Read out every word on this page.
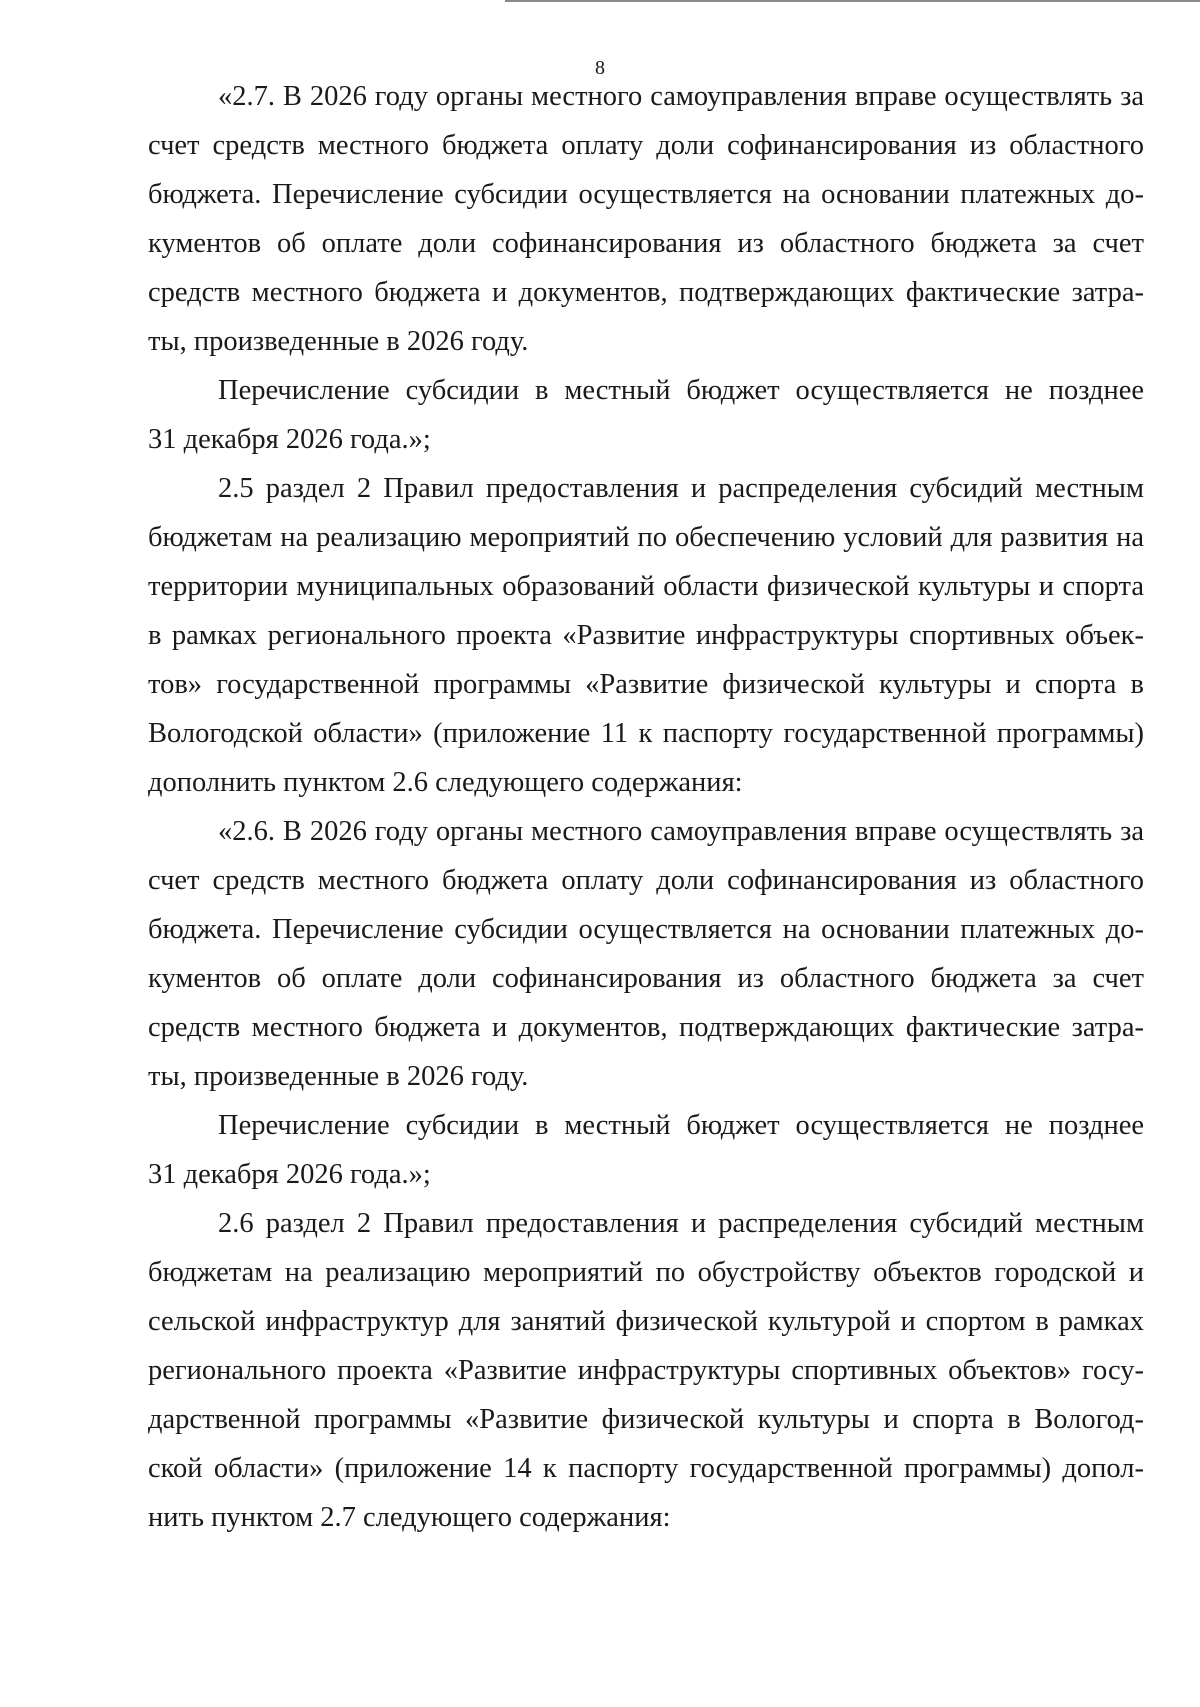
8
«2.7. В 2026 году органы местного самоуправления вправе осуществлять за
счет средств местного бюджета оплату доли софинансирования из областного
бюджета. Перечисление субсидии осуществляется на основании платежных до-
кументов об оплате доли софинансирования из областного бюджета за счет
средств местного бюджета и документов, подтверждающих фактические затра-
ты, произведенные в 2026 году.
Перечисление субсидии в местный бюджет осуществляется не позднее
31 декабря 2026 года.»;
2.5 раздел 2 Правил предоставления и распределения субсидий местным
бюджетам на реализацию мероприятий по обеспечению условий для развития на
территории муниципальных образований области физической культуры и спорта
в рамках регионального проекта «Развитие инфраструктуры спортивных объек-
тов» государственной программы «Развитие физической культуры и спорта в
Вологодской области» (приложение 11 к паспорту государственной программы)
дополнить пунктом 2.6 следующего содержания:
«2.6. В 2026 году органы местного самоуправления вправе осуществлять за
счет средств местного бюджета оплату доли софинансирования из областного
бюджета. Перечисление субсидии осуществляется на основании платежных до-
кументов об оплате доли софинансирования из областного бюджета за счет
средств местного бюджета и документов, подтверждающих фактические затра-
ты, произведенные в 2026 году.
Перечисление субсидии в местный бюджет осуществляется не позднее
31 декабря 2026 года.»;
2.6 раздел 2 Правил предоставления и распределения субсидий местным
бюджетам на реализацию мероприятий по обустройству объектов городской и
сельской инфраструктур для занятий физической культурой и спортом в рамках
регионального проекта «Развитие инфраструктуры спортивных объектов» госу-
дарственной программы «Развитие физической культуры и спорта в Вологод-
ской области» (приложение 14 к паспорту государственной программы) допол-
нить пунктом 2.7 следующего содержания:
